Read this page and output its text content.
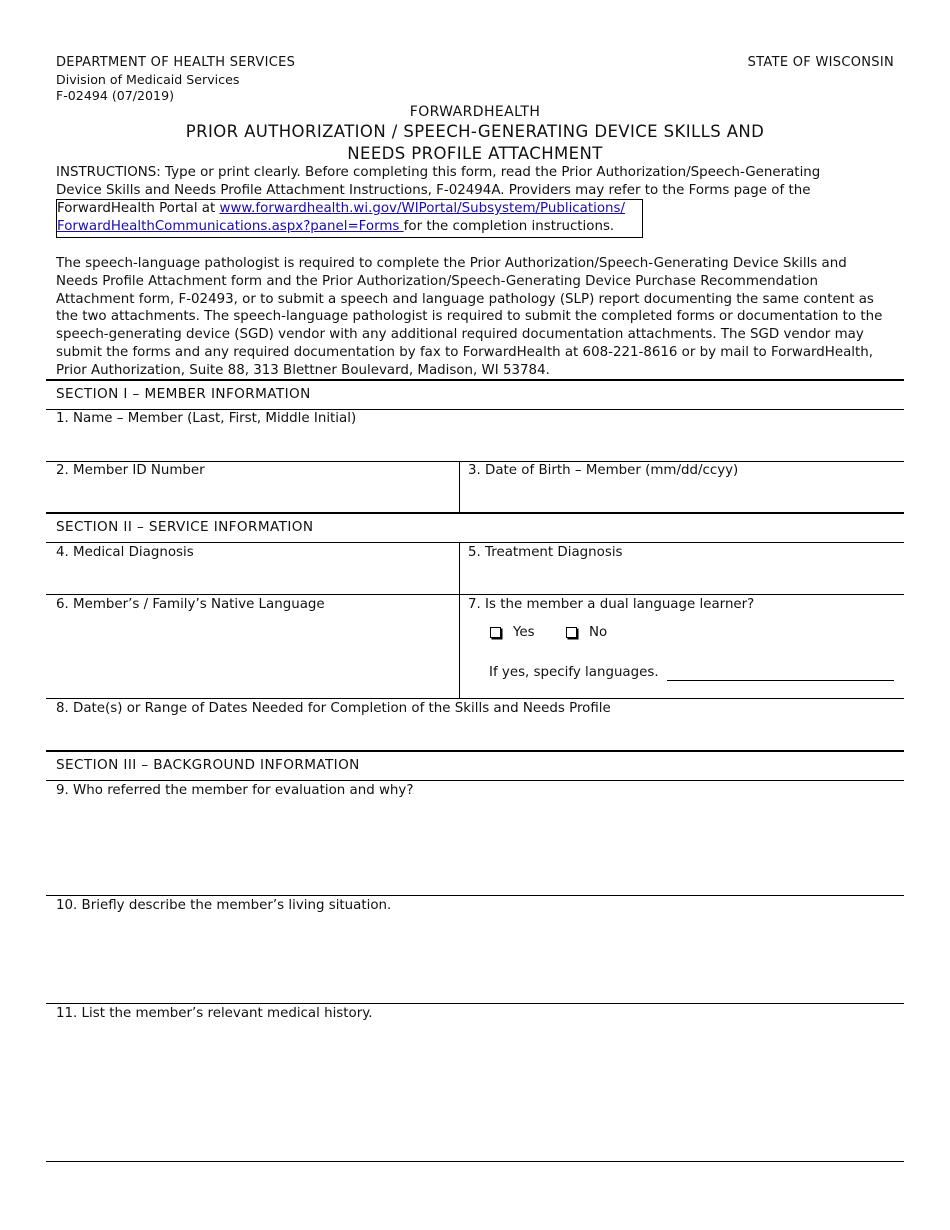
DEPARTMENT OF HEALTH SERVICES
Division of Medicaid Services
F-02494 (07/2019)
STATE OF WISCONSIN
FORWARDHEALTH
PRIOR AUTHORIZATION / SPEECH-GENERATING DEVICE SKILLS AND
NEEDS PROFILE ATTACHMENT
INSTRUCTIONS: Type or print clearly. Before completing this form, read the Prior Authorization/Speech-Generating
Device Skills and Needs Profile Attachment Instructions, F-02494A. Providers may refer to the Forms page of the
ForwardHealth Portal at www.forwardhealth.wi.gov/WIPortal/Subsystem/Publications/
ForwardHealthCommunications.aspx?panel=Forms for the completion instructions.
The speech-language pathologist is required to complete the Prior Authorization/Speech-Generating Device Skills and
Needs Profile Attachment form and the Prior Authorization/Speech-Generating Device Purchase Recommendation
Attachment form, F-02493, or to submit a speech and language pathology (SLP) report documenting the same content as
the two attachments. The speech-language pathologist is required to submit the completed forms or documentation to the
speech-generating device (SGD) vendor with any additional required documentation attachments. The SGD vendor may
submit the forms and any required documentation by fax to ForwardHealth at 608-221-8616 or by mail to ForwardHealth,
Prior Authorization, Suite 88, 313 Blettner Boulevard, Madison, WI 53784.
SECTION I – MEMBER INFORMATION
1. Name – Member (Last, First, Middle Initial)
2. Member ID Number	3. Date of Birth – Member (mm/dd/ccyy)
SECTION II – SERVICE INFORMATION
4. Medical Diagnosis	5. Treatment Diagnosis
6. Member’s / Family’s Native Language	7. Is the member a dual language learner?
Yes	No
If yes, specify languages.
8. Date(s) or Range of Dates Needed for Completion of the Skills and Needs Profile
SECTION III – BACKGROUND INFORMATION
9. Who referred the member for evaluation and why?
10. Briefly describe the member’s living situation.
11. List the member’s relevant medical history.
